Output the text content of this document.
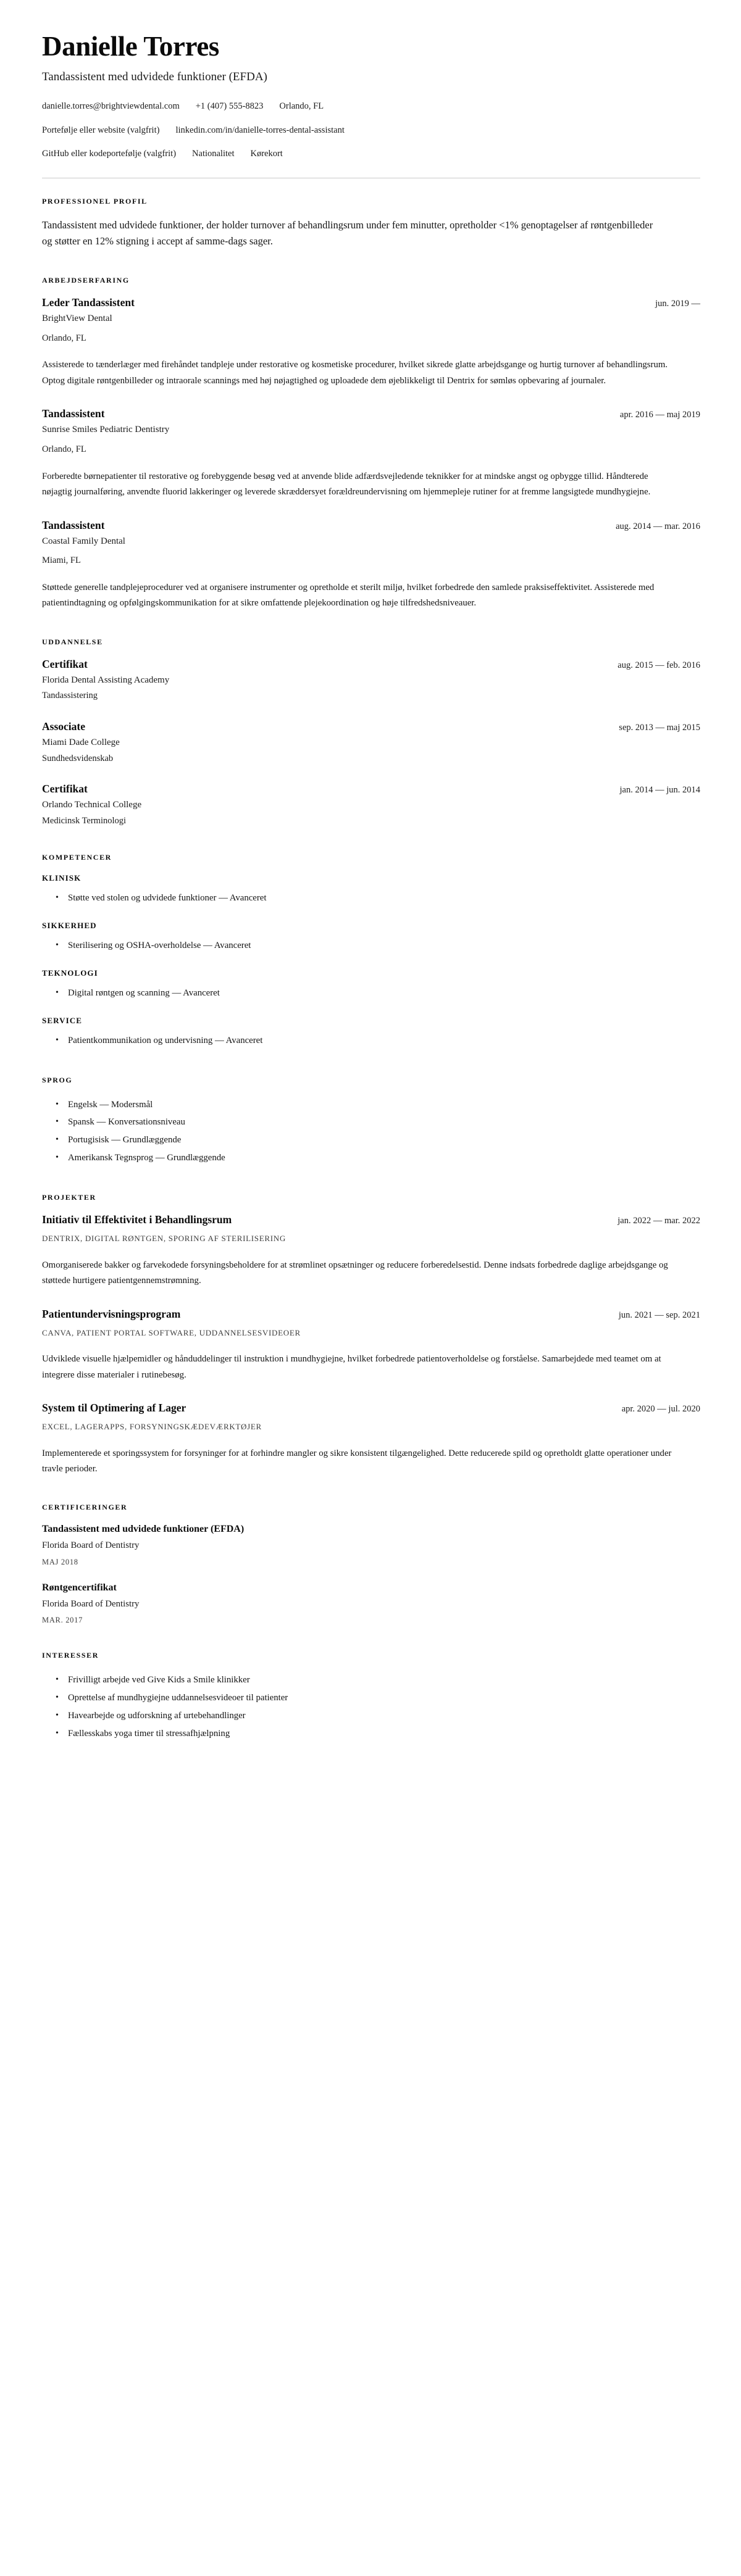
Danielle Torres
Tandassistent med udvidede funktioner (EFDA)
danielle.torres@brightviewdental.com +1 (407) 555-8823 Orlando, FL
Portefølje eller website (valgfrit) linkedin.com/in/danielle-torres-dental-assistant
GitHub eller kodeportefølje (valgfrit) Nationalitet Kørekort
PROFESSIONEL PROFIL

Tandassistent med udvidede funktioner, der holder turnover af behandlingsrum under fem minutter, opretholder <1% genoptagelser af røntgenbilleder og støtter en 12% stigning i accept af samme-dags sager.

ARBEJDSERFARING
Leder Tandassistent	jun. 2019 —
BrightView Dental
Orlando, FL

Assisterede to tænderlæger med firehåndet tandpleje under restorative og kosmetiske procedurer, hvilket sikrede glatte arbejdsgange og hurtig turnover af behandlingsrum. Optog digitale røntgenbilleder og intraorale scannings med høj nøjagtighed og uploadede dem øjeblikkeligt til Dentrix for sømløs opbevaring af journaler.

Tandassistent	apr. 2016 — maj 2019
Sunrise Smiles Pediatric Dentistry
Orlando, FL

Forberedte børnepatienter til restorative og forebyggende besøg ved at anvende blide adfærdsvejledende teknikker for at mindske angst og opbygge tillid. Håndterede nøjagtig journalføring, anvendte fluorid lakkeringer og leverede skræddersyet forældreundervisning om hjemmepleje rutiner for at fremme langsigtede mundhygiejne.

Tandassistent	aug. 2014 — mar. 2016
Coastal Family Dental
Miami, FL

Støttede generelle tandplejeprocedurer ved at organisere instrumenter og opretholde et sterilt miljø, hvilket forbedrede den samlede praksiseffektivitet. Assisterede med patientindtagning og opfølgingskommunikation for at sikre omfattende plejekoordination og høje tilfredshedsniveauer.

UDDANNELSE
Certifikat	aug. 2015 — feb. 2016
Florida Dental Assisting Academy
Tandassistering
Associate	sep. 2013 — maj 2015
Miami Dade College
Sundhedsvidenskab
Certifikat	jan. 2014 — jun. 2014
Orlando Technical College
Medicinsk Terminologi
KOMPETENCER
KLINISK
• Støtte ved stolen og udvidede funktioner — Avanceret
SIKKERHED
• Sterilisering og OSHA-overholdelse — Avanceret
TEKNOLOGI
• Digital røntgen og scanning — Avanceret
SERVICE
• Patientkommunikation og undervisning — Avanceret
SPROG
• Engelsk — Modersmål
• Spansk — Konversationsniveau
• Portugisisk — Grundlæggende
• Amerikansk Tegnsprog — Grundlæggende
PROJEKTER
Initiativ til Effektivitet i Behandlingsrum	jan. 2022 — mar. 2022
DENTRIX, DIGITAL RØNTGEN, SPORING AF STERILISERING

Omorganiserede bakker og farvekodede forsyningsbeholdere for at strømlinet opsætninger og reducere forberedelsestid. Denne indsats forbedrede daglige arbejdsgange og støttede hurtigere patientgennemstrømning.

Patientundervisningsprogram	jun. 2021 — sep. 2021
CANVA, PATIENT PORTAL SOFTWARE, UDDANNELSESVIDEOER

Udviklede visuelle hjælpemidler og hånduddelinger til instruktion i mundhygiejne, hvilket forbedrede patientoverholdelse og forståelse. Samarbejdede med teamet om at integrere disse materialer i rutinebesøg.

System til Optimering af Lager	apr. 2020 — jul. 2020
EXCEL, LAGERAPPS, FORSYNINGSKÆDEVÆRKTØJER

Implementerede et sporingssystem for forsyninger for at forhindre mangler og sikre konsistent tilgængelighed. Dette reducerede spild og opretholdt glatte operationer under travle perioder.

CERTIFICERINGER
Tandassistent med udvidede funktioner (EFDA)
Florida Board of Dentistry
MAJ 2018
Røntgencertifikat
Florida Board of Dentistry
MAR. 2017
INTERESSER
• Frivilligt arbejde ved Give Kids a Smile klinikker
• Oprettelse af mundhygiejne uddannelsesvideoer til patienter
• Havearbejde og udforskning af urtebehandlinger
• Fællesskabs yoga timer til stressafhjælpning
